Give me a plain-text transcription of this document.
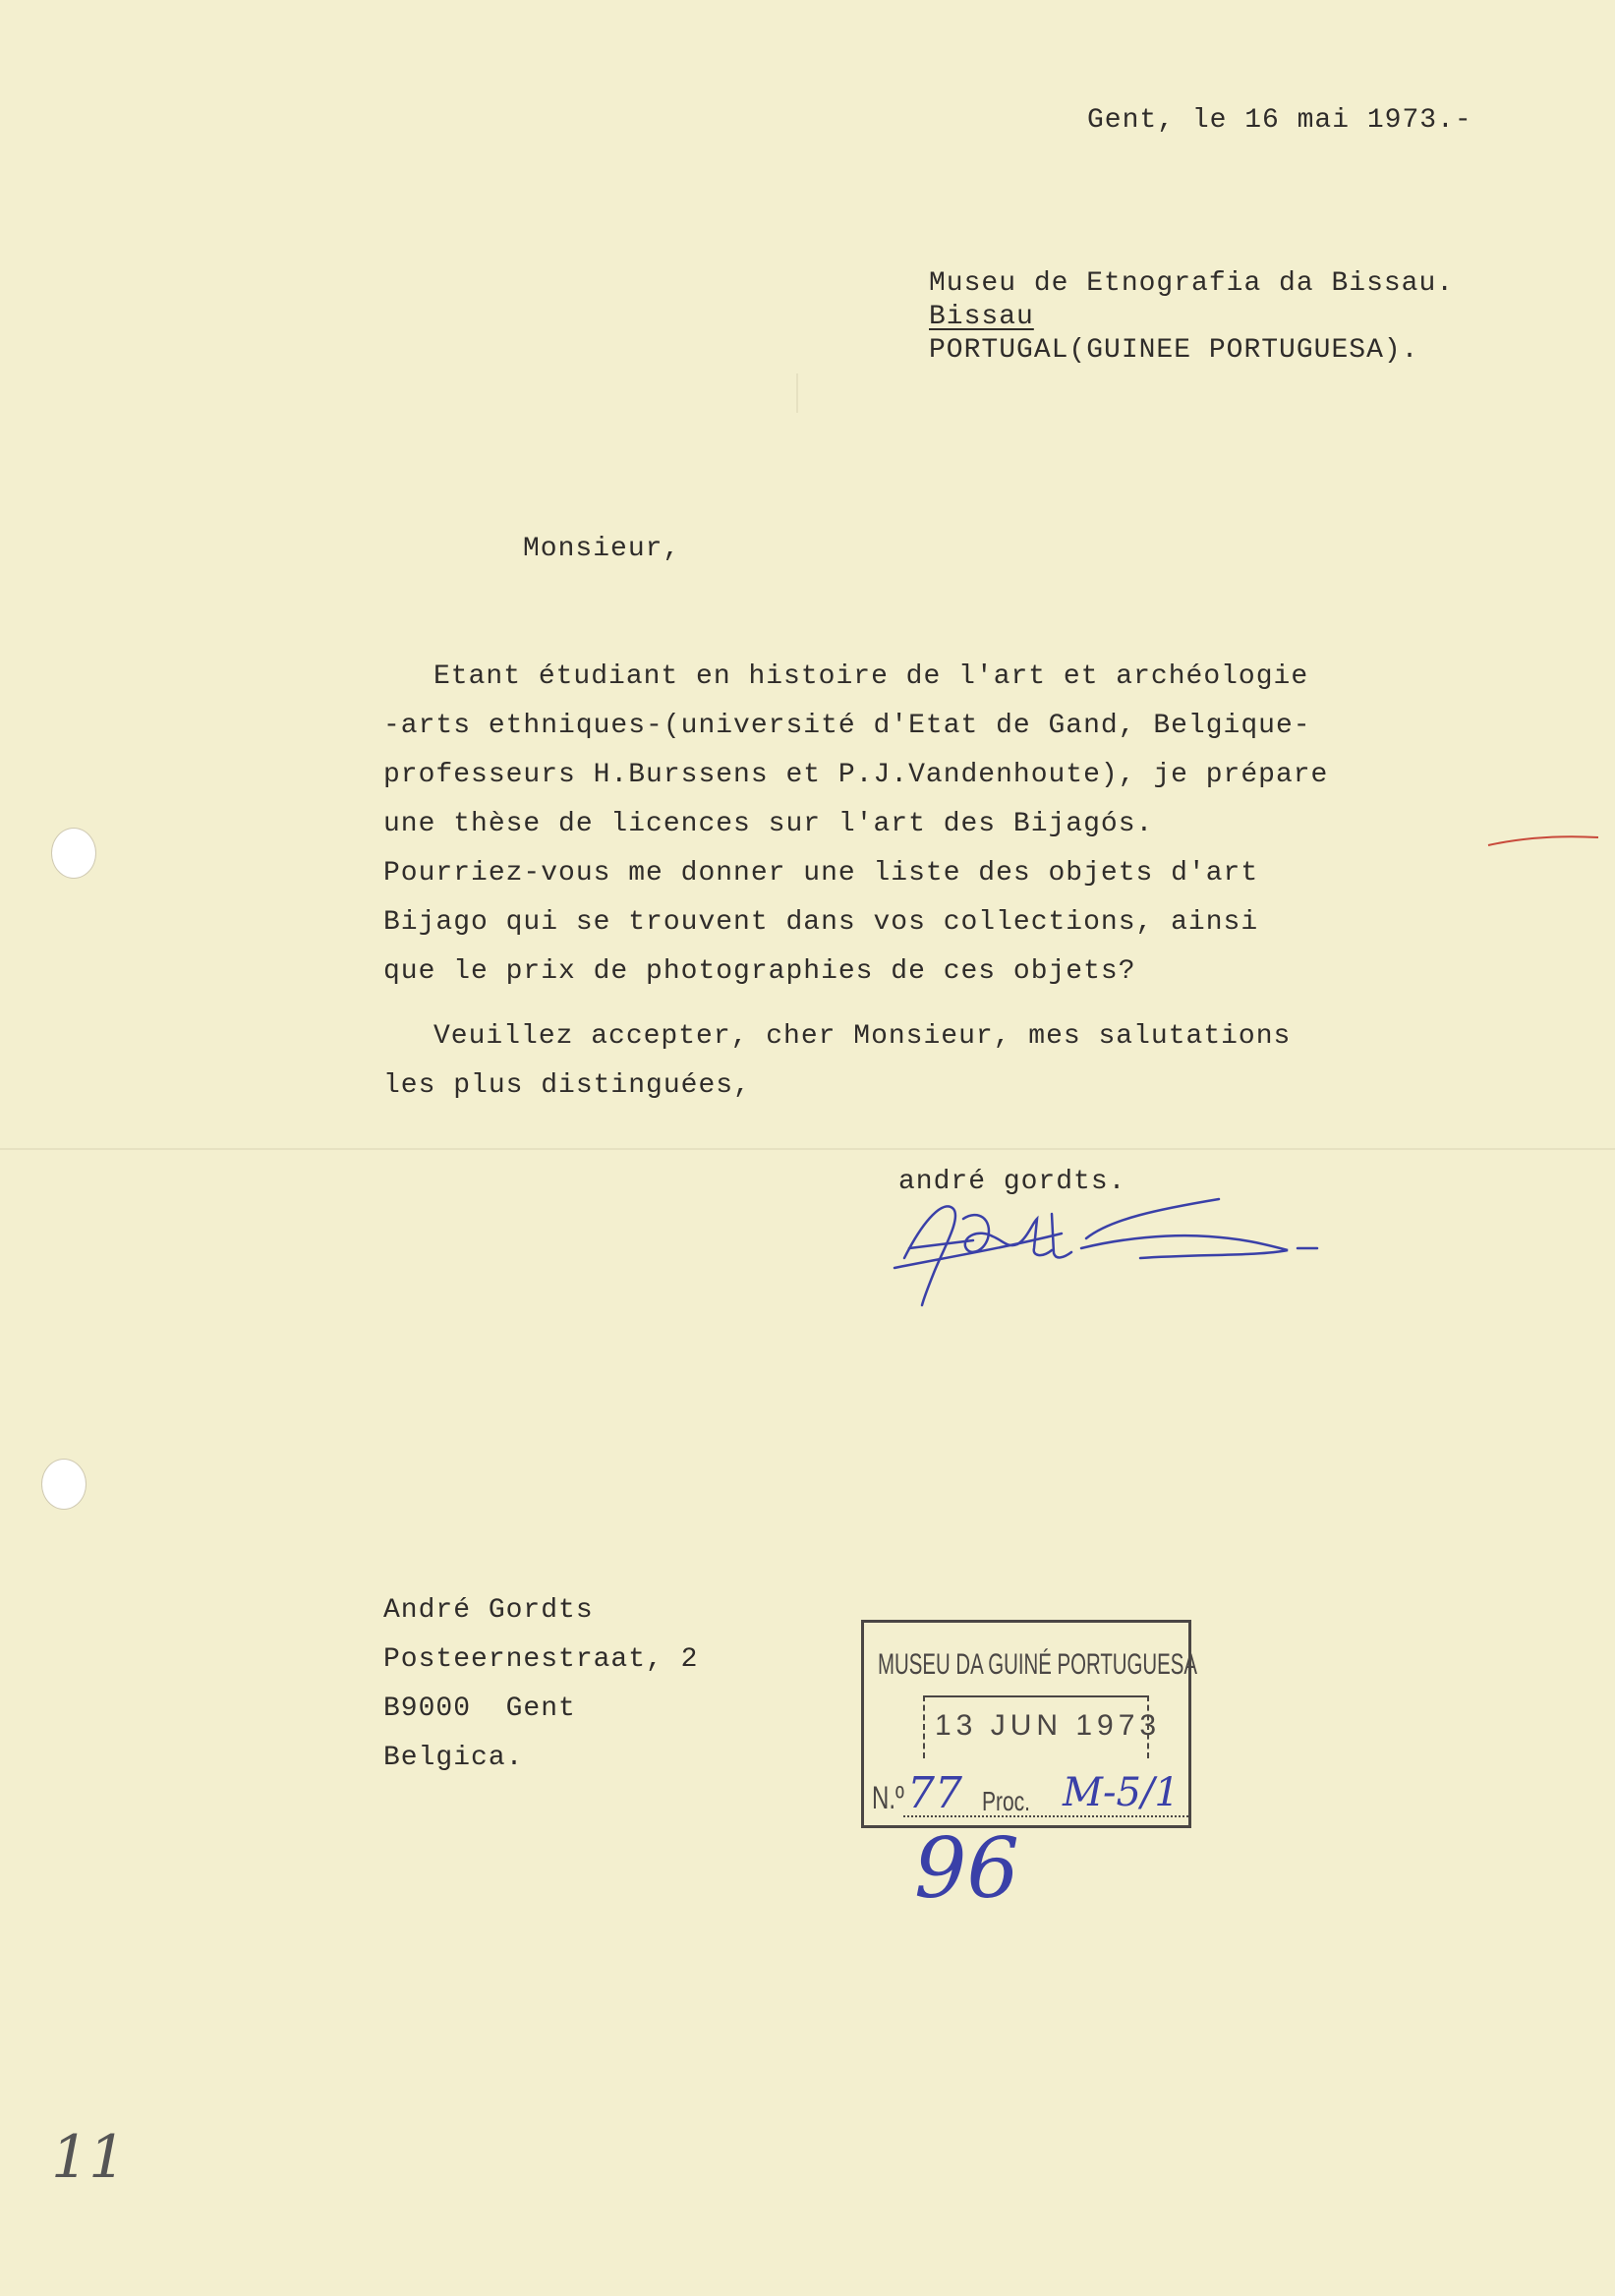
Gent, le 16 mai 1973.-
Museu de Etnografia da Bissau.
Bissau
PORTUGAL(GUINEE PORTUGUESA).
Monsieur,
Etant étudiant en histoire de l'art et archéologie
-arts ethniques-(université d'Etat de Gand, Belgique-
professeurs H.Burssens et P.J.Vandenhoute), je prépare
une thèse de licences sur l'art des Bijagós.
Pourriez-vous me donner une liste des objets d'art
Bijago qui se trouvent dans vos collections, ainsi
que le prix de photographies de ces objets?
Veuillez accepter, cher Monsieur, mes salutations
les plus distinguées,
andré gordts.
André Gordts
Posteernestraat, 2
B9000  Gent
Belgica.
MUSEU DA GUINÉ PORTUGUESA
13 JUN 1973
N.º 77 Proc. M-5/1
96
11
